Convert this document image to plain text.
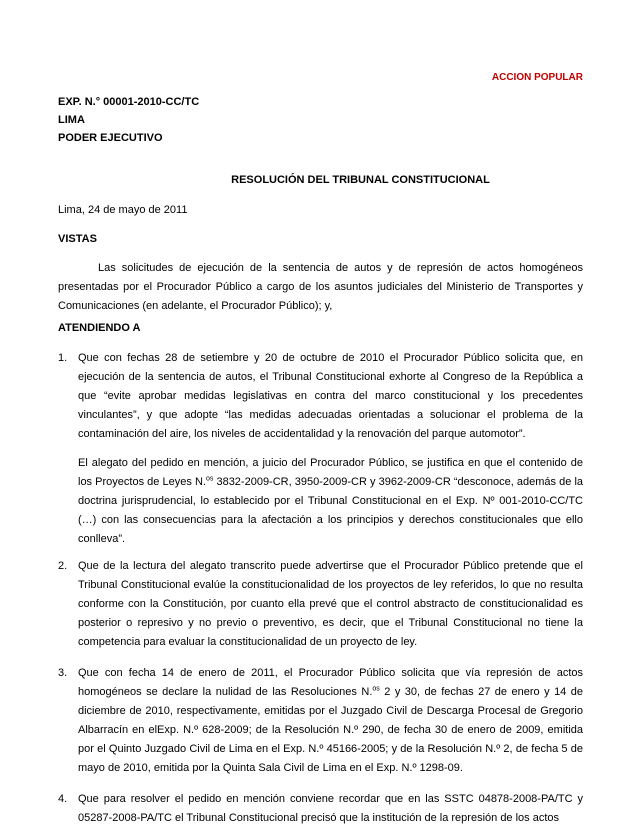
ACCION POPULAR

EXP. N.° 00001-2010-CC/TC

LIMA

PODER EJECUTIVO

RESOLUCIÓN DEL TRIBUNAL CONSTITUCIONAL

Lima, 24 de mayo de 2011

VISTAS

Las solicitudes de ejecución de la sentencia de autos y de represión de actos homogéneos presentadas por el Procurador Público a cargo de los asuntos judiciales del Ministerio de Transportes y Comunicaciones (en adelante, el Procurador Público); y,

ATENDIENDO A

1. Que con fechas 28 de setiembre y 20 de octubre de 2010 el Procurador Público solicita que, en ejecución de la sentencia de autos, el Tribunal Constitucional exhorte al Congreso de la República a que “evite aprobar medidas legislativas en contra del marco constitucional y los precedentes vinculantes”, y que adopte “las medidas adecuadas orientadas a solucionar el problema de la contaminación del aire, los niveles de accidentalidad y la renovación del parque automotor”.

El alegato del pedido en mención, a juicio del Procurador Público, se justifica en que el contenido de los Proyectos de Leyes N.$^{os}$ 3832-2009-CR, 3950-2009-CR y 3962-2009-CR “desconoce, además de la doctrina jurisprudencial, lo establecido por el Tribunal Constitucional en el Exp. Nº 001-2010-CC/TC (…) con las consecuencias para la afectación a los principios y derechos constitucionales que ello conlleva”.

2. Que de la lectura del alegato transcrito puede advertirse que el Procurador Público pretende que el Tribunal Constitucional evalúe la constitucionalidad de los proyectos de ley referidos, lo que no resulta conforme con la Constitución, por cuanto ella prevé que el control abstracto de constitucionalidad es posterior o represivo y no previo o preventivo, es decir, que el Tribunal Constitucional no tiene la competencia para evaluar la constitucionalidad de un proyecto de ley.

3. Que con fecha 14 de enero de 2011, el Procurador Público solicita que vía represión de actos homogéneos se declare la nulidad de las Resoluciones N.$^{os}$ 2 y 30, de fechas 27 de enero y 14 de diciembre de 2010, respectivamente, emitidas por el Juzgado Civil de Descarga Procesal de Gregorio Albarracín en elExp. N.º 628-2009; de la Resolución N.º 290, de fecha 30 de enero de 2009, emitida por el Quinto Juzgado Civil de Lima en el Exp. N.º 45166-2005; y de la Resolución N.º 2, de fecha 5 de mayo de 2010, emitida por la Quinta Sala Civil de Lima en el Exp. N.º 1298-09.

4. Que para resolver el pedido en mención conviene recordar que en las SSTC 04878-2008-PA/TC y 05287-2008-PA/TC el Tribunal Constitucional precisó que la institución de la represión de los actos
